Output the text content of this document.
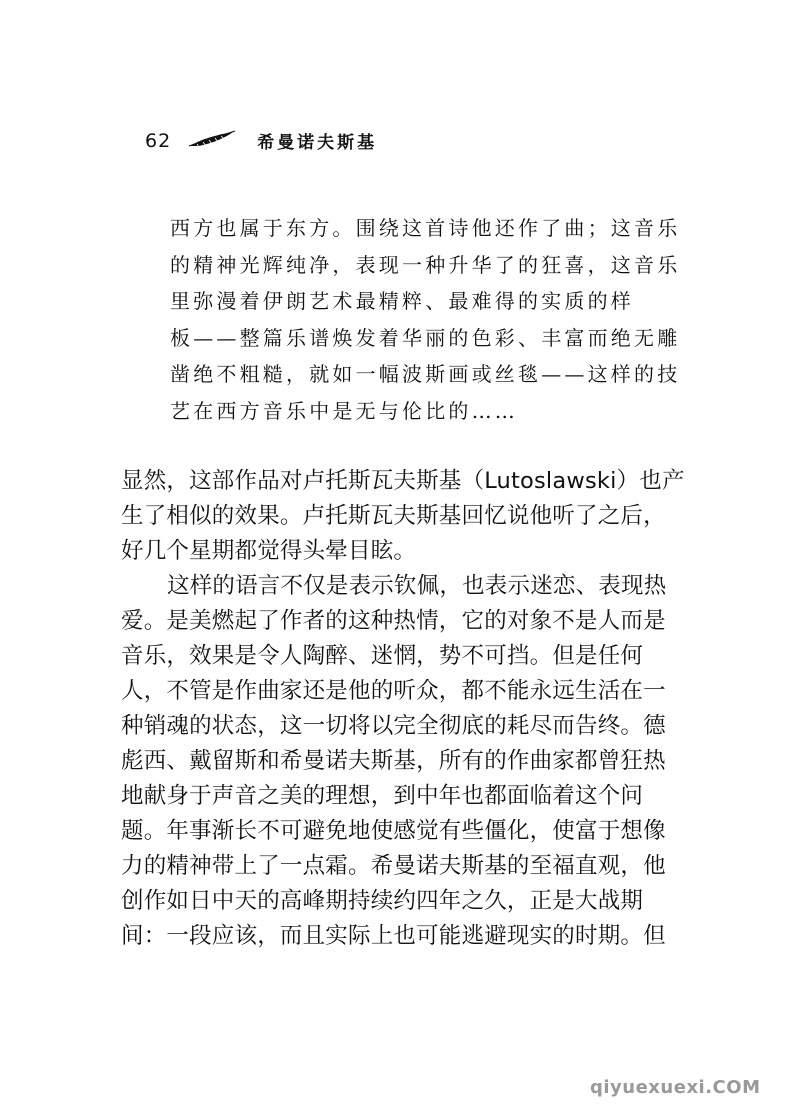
62	希曼诺夫斯基
西方也属于东方。围绕这首诗他还作了曲；这音乐
的精神光辉纯净，表现一种升华了的狂喜，这音乐
里弥漫着伊朗艺术最精粹、最难得的实质的样
板——整篇乐谱焕发着华丽的色彩、丰富而绝无雕
凿绝不粗糙，就如一幅波斯画或丝毯——这样的技
艺在西方音乐中是无与伦比的……
显然，这部作品对卢托斯瓦夫斯基（Lutoslawski）也产
生了相似的效果。卢托斯瓦夫斯基回忆说他听了之后，
好几个星期都觉得头晕目眩。
这样的语言不仅是表示钦佩，也表示迷恋、表现热
爱。是美燃起了作者的这种热情，它的对象不是人而是
音乐，效果是令人陶醉、迷惘，势不可挡。但是任何
人，不管是作曲家还是他的听众，都不能永远生活在一
种销魂的状态，这一切将以完全彻底的耗尽而告终。德
彪西、戴留斯和希曼诺夫斯基，所有的作曲家都曾狂热
地献身于声音之美的理想，到中年也都面临着这个问
题。年事渐长不可避免地使感觉有些僵化，使富于想像
力的精神带上了一点霜。希曼诺夫斯基的至福直观，他
创作如日中天的高峰期持续约四年之久，正是大战期
间：一段应该，而且实际上也可能逃避现实的时期。但
qiyuexuexi.COM
